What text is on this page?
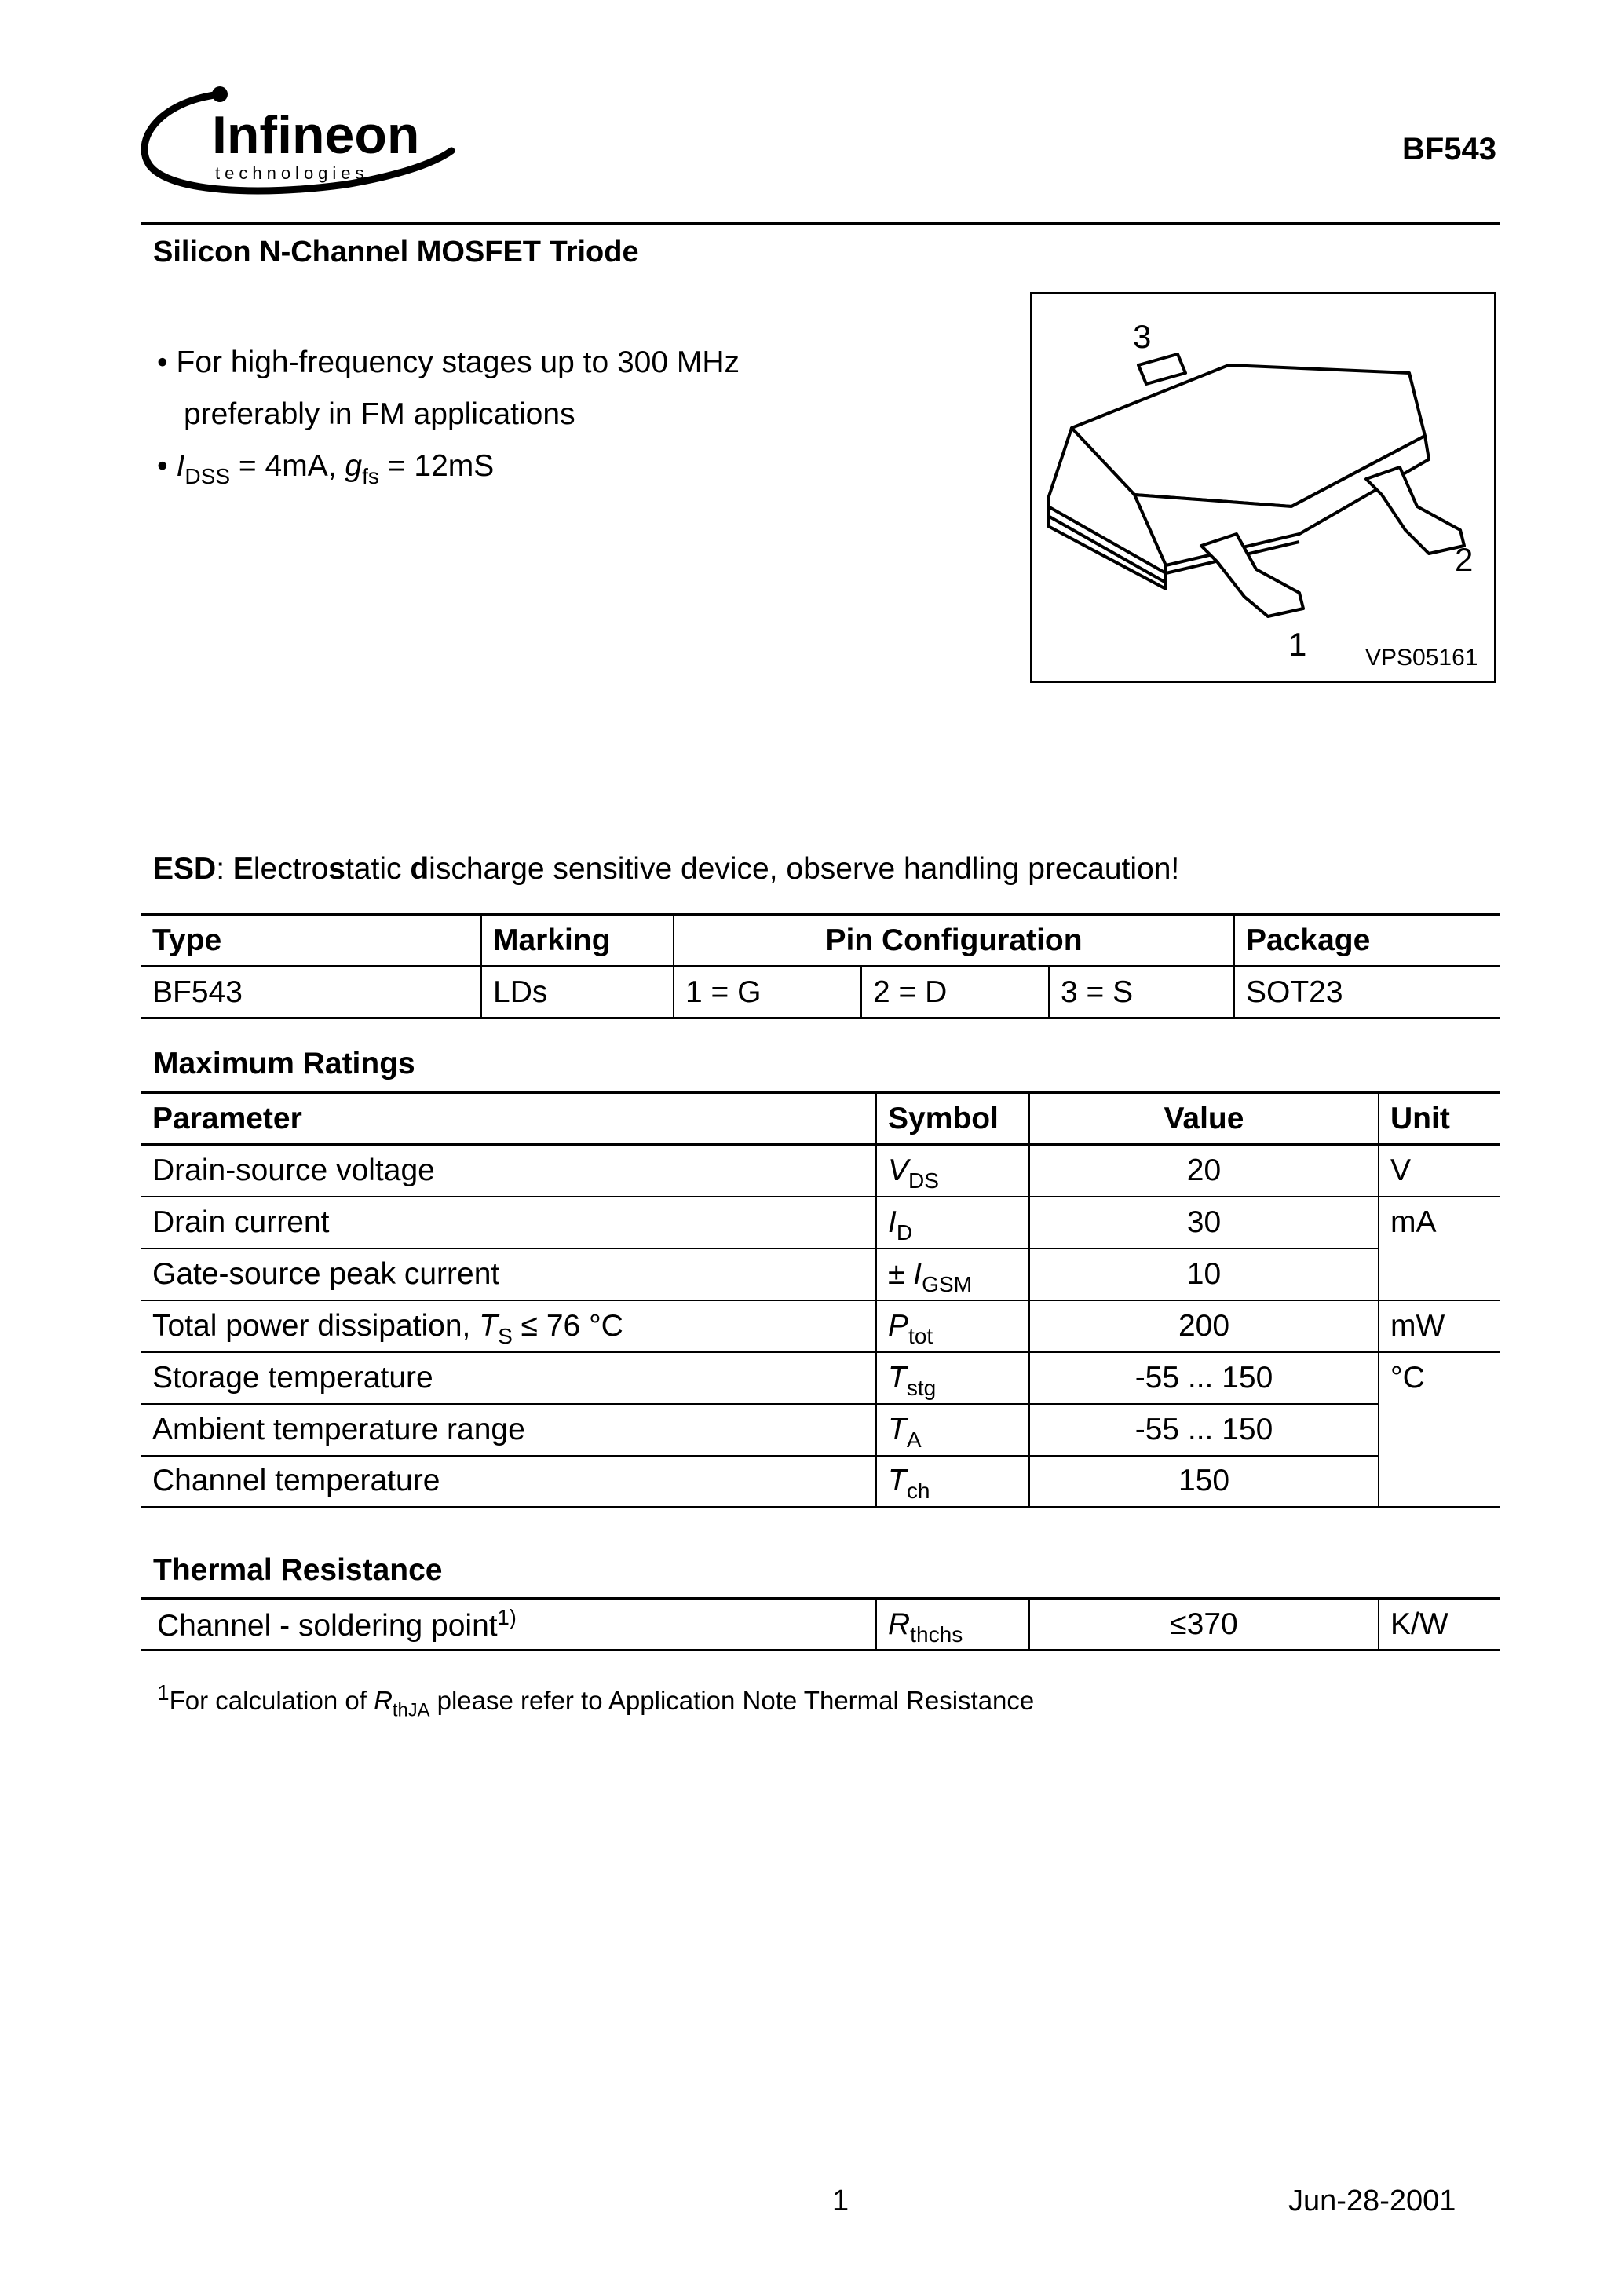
Infineon
technologies
BF543
Silicon N-Channel MOSFET Triode
• For high-frequency stages up to 300 MHz
preferably in FM applications
• $I_{DSS} = 4mA$, $g_{fs} = 12mS$
3
2
1 VPS05161
ESD: Electrostatic discharge sensitive device, observe handling precaution!
Type	Marking	Pin Configuration			Package
BF543	LDs	1 = G	2 = D	3 = S	SOT23
Maximum Ratings
Parameter	Symbol	Value	Unit
Drain-source voltage	$V_{DS}$	20	V
Drain current	$I_D$	30	mA
Gate-source peak current	± $I_{GSM}$	10	
Total power dissipation, $T_S \le 76$ °C	$P_{tot}$	200	mW
Storage temperature	$T_{stg}$	-55 ... 150	°C
Ambient temperature range	$T_A$	-55 ... 150	
Channel temperature	$T_{ch}$	150	
Thermal Resistance
Channel - soldering point$^{1)}$	$R_{thchs}$	≤370	K/W
$^1$For calculation of $R_{thJA}$ please refer to Application Note Thermal Resistance
1	Jun-28-2001
